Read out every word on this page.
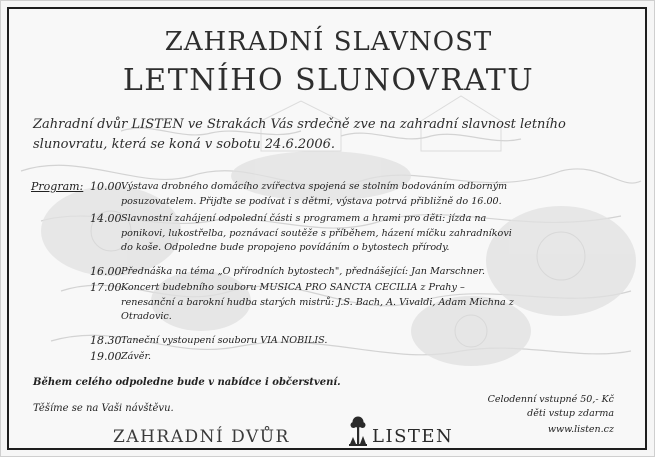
ZAHRADNÍ SLAVNOST
LETNÍHO SLUNOVRATU
Zahradní dvůr LISTEN ve Strakách Vás srdečně zve na zahradní slavnost letního
slunovratu, která se koná v sobotu 24.6.2006.
Program: 10.00 Výstava drobného domácího zvířectva spojená se stolním bodováním odborným
posuzovatelem. Přijďte se podívat i s dětmi, výstava potrvá přibližně do 16.00.
14.00 Slavnostní zahájení odpolední části s programem a hrami pro děti: jízda na
ponikovi, lukostřelba, poznávací soutěže s příběhem, házení míčku zahradníkovi
do koše. Odpoledne bude propojeno povídáním o bytostech přírody.
16.00 Přednáška na téma „O přírodních bytostech", přednášející: Jan Marschner.
17.00 Koncert budebního souboru MUSICA PRO SANCTA CECILIA z Prahy –
renesanční a barokní hudba starých mistrů: J.S. Bach, A. Vivaldi, Adam Michna z
Otradovic.
18.30 Taneční vystoupení souboru VIA NOBILIS.
19.00 Závěr.
Během celého odpoledne bude v nabídce i občerstvení.
Těšíme se na Vaši návštěvu.
ZAHRADNÍ DVŮR	LISTEN
Celodenní vstupné 50,- Kč
děti vstup zdarma
www.listen.cz
